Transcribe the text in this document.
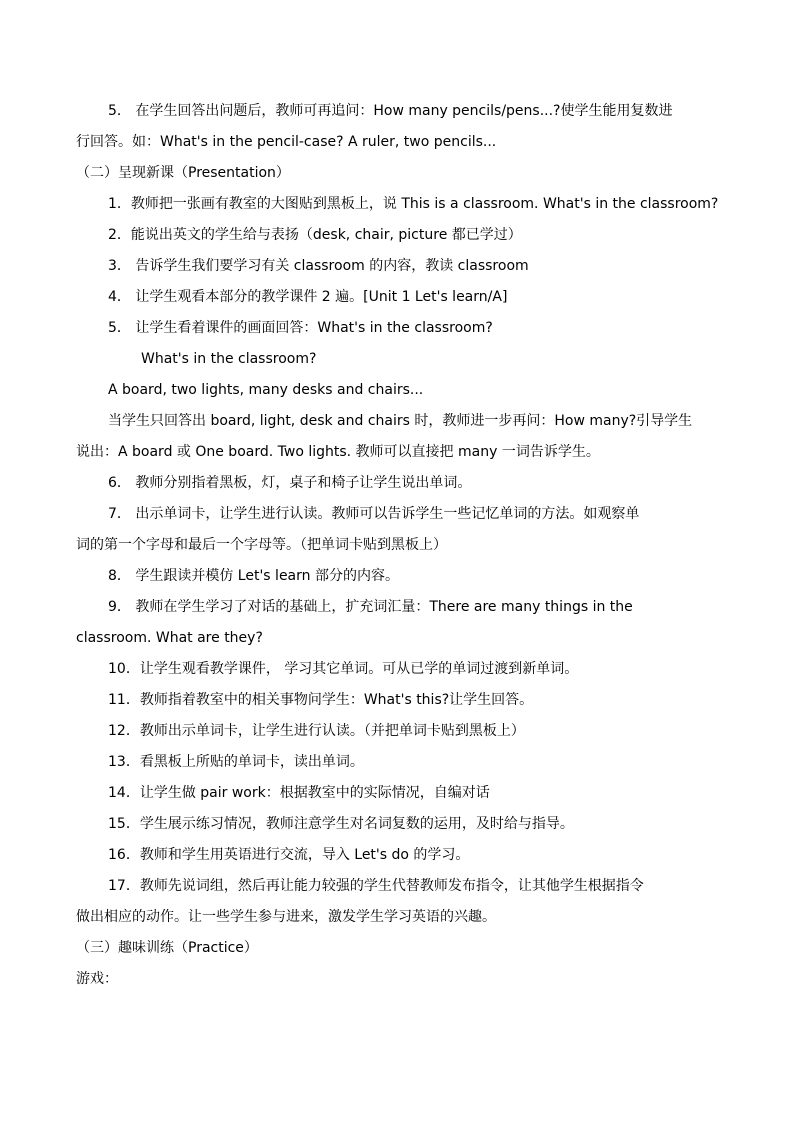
5． 在学生回答出问题后，教师可再追问：How many pencils/pens...?使学生能用复数进
行回答。如：What's in the pencil-case? A ruler, two pencils...
（二）呈现新课（Presentation）
1．教师把一张画有教室的大图贴到黑板上，说 This is a classroom. What's in the classroom?
2．能说出英文的学生给与表扬（desk, chair, picture 都已学过）
3． 告诉学生我们要学习有关 classroom 的内容，教读 classroom
4． 让学生观看本部分的教学课件 2 遍。[Unit 1 Let's learn/A]
5． 让学生看着课件的画面回答：What's in the classroom?
What's in the classroom?
A board, two lights, many desks and chairs...
当学生只回答出 board, light, desk and chairs 时，教师进一步再问：How many?引导学生
说出：A board 或 One board. Two lights. 教师可以直接把 many 一词告诉学生。
6． 教师分别指着黑板，灯，桌子和椅子让学生说出单词。
7． 出示单词卡，让学生进行认读。教师可以告诉学生一些记忆单词的方法。如观察单
词的第一个字母和最后一个字母等。（把单词卡贴到黑板上）
8． 学生跟读并模仿 Let's learn 部分的内容。
9． 教师在学生学习了对话的基础上，扩充词汇量：There are many things in the
classroom. What are they?
10．让学生观看教学课件， 学习其它单词。可从已学的单词过渡到新单词。
11．教师指着教室中的相关事物问学生：What's this?让学生回答。
12．教师出示单词卡，让学生进行认读。（并把单词卡贴到黑板上）
13．看黑板上所贴的单词卡，读出单词。
14．让学生做 pair work：根据教室中的实际情况，自编对话
15．学生展示练习情况，教师注意学生对名词复数的运用，及时给与指导。
16．教师和学生用英语进行交流，导入 Let's do 的学习。
17．教师先说词组，然后再让能力较强的学生代替教师发布指令，让其他学生根据指令
做出相应的动作。让一些学生参与进来，激发学生学习英语的兴趣。
（三）趣味训练（Practice）
游戏：
